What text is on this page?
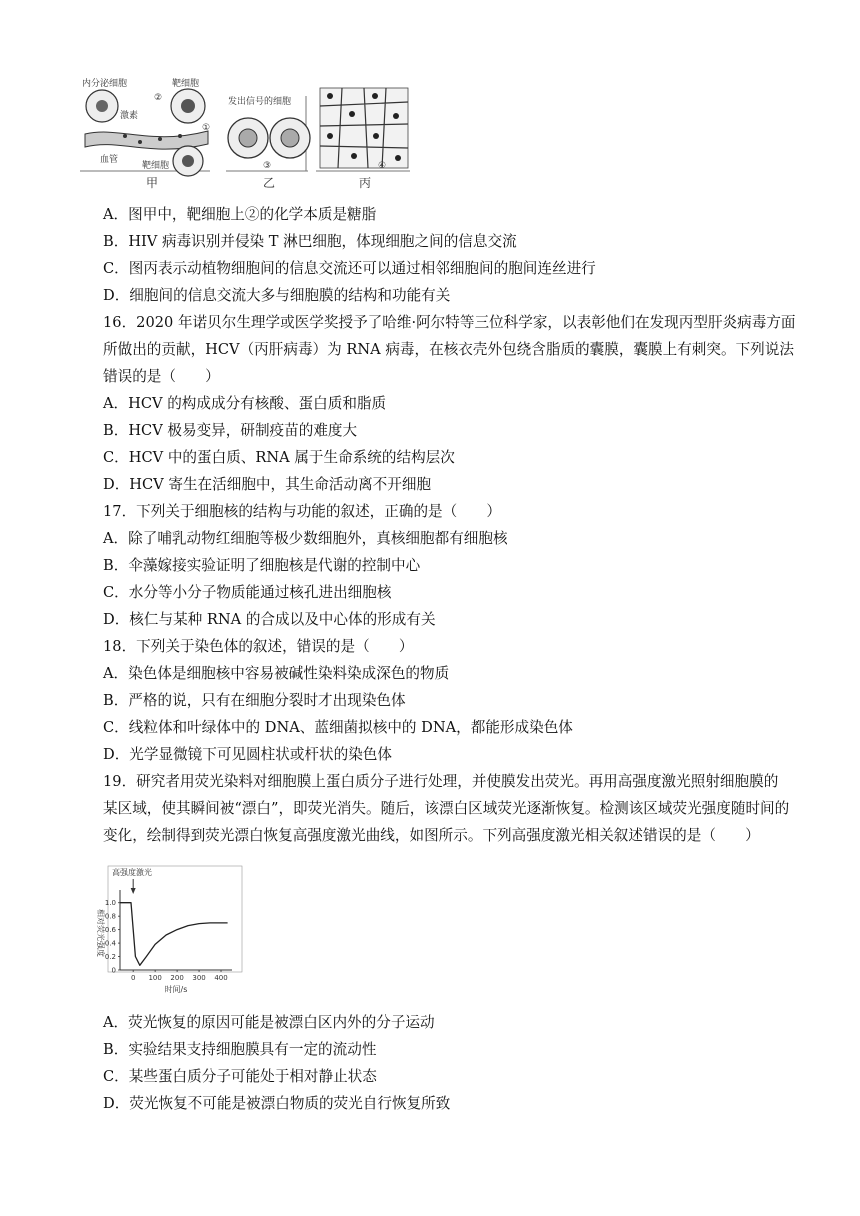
内分泌细胞	靶细胞
激素
血管
靶细胞
②
①
发出信号的细胞
③	④
甲	乙	丙
A．图甲中，靶细胞上②的化学本质是糖脂
B．HIV 病毒识别并侵染 T 淋巴细胞，体现细胞之间的信息交流
C．图丙表示动植物细胞间的信息交流还可以通过相邻细胞间的胞间连丝进行
D．细胞间的信息交流大多与细胞膜的结构和功能有关
16．2020 年诺贝尔生理学或医学奖授予了哈维·阿尔特等三位科学家，以表彰他们在发现丙型肝炎病毒方面
所做出的贡献，HCV（丙肝病毒）为 RNA 病毒，在核衣壳外包绕含脂质的囊膜，囊膜上有刺突。下列说法
错误的是（　　）
A．HCV 的构成成分有核酸、蛋白质和脂质
B．HCV 极易变异，研制疫苗的难度大
C．HCV 中的蛋白质、RNA 属于生命系统的结构层次
D．HCV 寄生在活细胞中，其生命活动离不开细胞
17．下列关于细胞核的结构与功能的叙述，正确的是（　　）
A．除了哺乳动物红细胞等极少数细胞外，真核细胞都有细胞核
B．伞藻嫁接实验证明了细胞核是代谢的控制中心
C．水分等小分子物质能通过核孔进出细胞核
D．核仁与某种 RNA 的合成以及中心体的形成有关
18．下列关于染色体的叙述，错误的是（　　）
A．染色体是细胞核中容易被碱性染料染成深色的物质
B．严格的说，只有在细胞分裂时才出现染色体
C．线粒体和叶绿体中的 DNA、蓝细菌拟核中的 DNA，都能形成染色体
D．光学显微镜下可见圆柱状或杆状的染色体
19．研究者用荧光染料对细胞膜上蛋白质分子进行处理，并使膜发出荧光。再用高强度激光照射细胞膜的
某区域，使其瞬间被“漂白”，即荧光消失。随后，该漂白区域荧光逐渐恢复。检测该区域荧光强度随时间的
变化，绘制得到荧光漂白恢复高强度激光曲线，如图所示。下列高强度激光相关叙述错误的是（　　）
高强度激光
0
0.2
0.4
0.6
0.8
1.0
0 100 200 300 400
时间/s
相对荧光强度
A．荧光恢复的原因可能是被漂白区内外的分子运动
B．实验结果支持细胞膜具有一定的流动性
C．某些蛋白质分子可能处于相对静止状态
D．荧光恢复不可能是被漂白物质的荧光自行恢复所致
